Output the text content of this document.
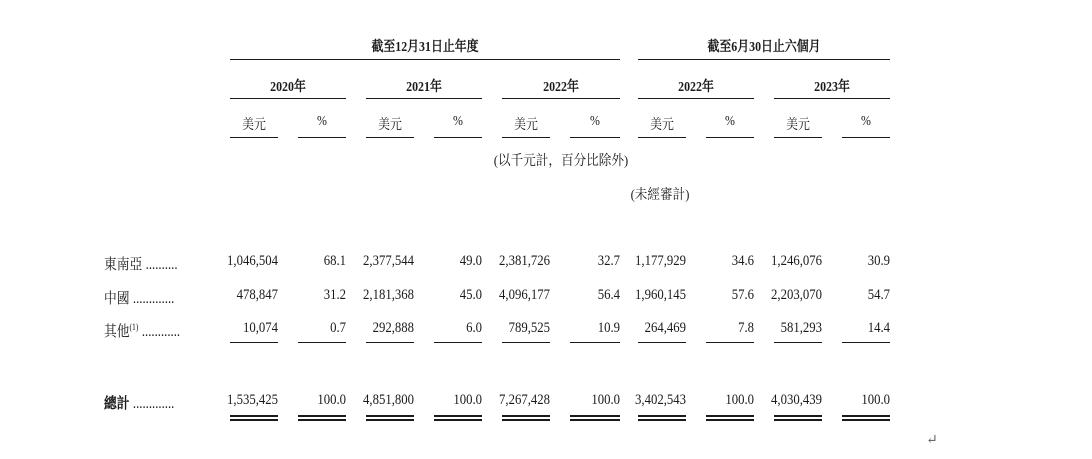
截至12月31日止年度	截至6月30日止六個月
2020年	2021年	2022年	2022年	2023年
美元	%	美元	%	美元	%	美元	%	美元	%
(以千元計，百分比除外)
(未經審計)
東南亞 ..........	1,046,504	68.1	2,377,544	49.0	2,381,726	32.7	1,177,929	34.6	1,246,076	30.9
中國 .............	478,847	31.2	2,181,368	45.0	4,096,177	56.4	1,960,145	57.6	2,203,070	54.7
其他$^{(1)}$ ............	10,074	0.7	292,888	6.0	789,525	10.9	264,469	7.8	581,293	14.4
總計 .............	1,535,425	100.0	4,851,800	100.0	7,267,428	100.0	3,402,543	100.0	4,030,439	100.0
↵
